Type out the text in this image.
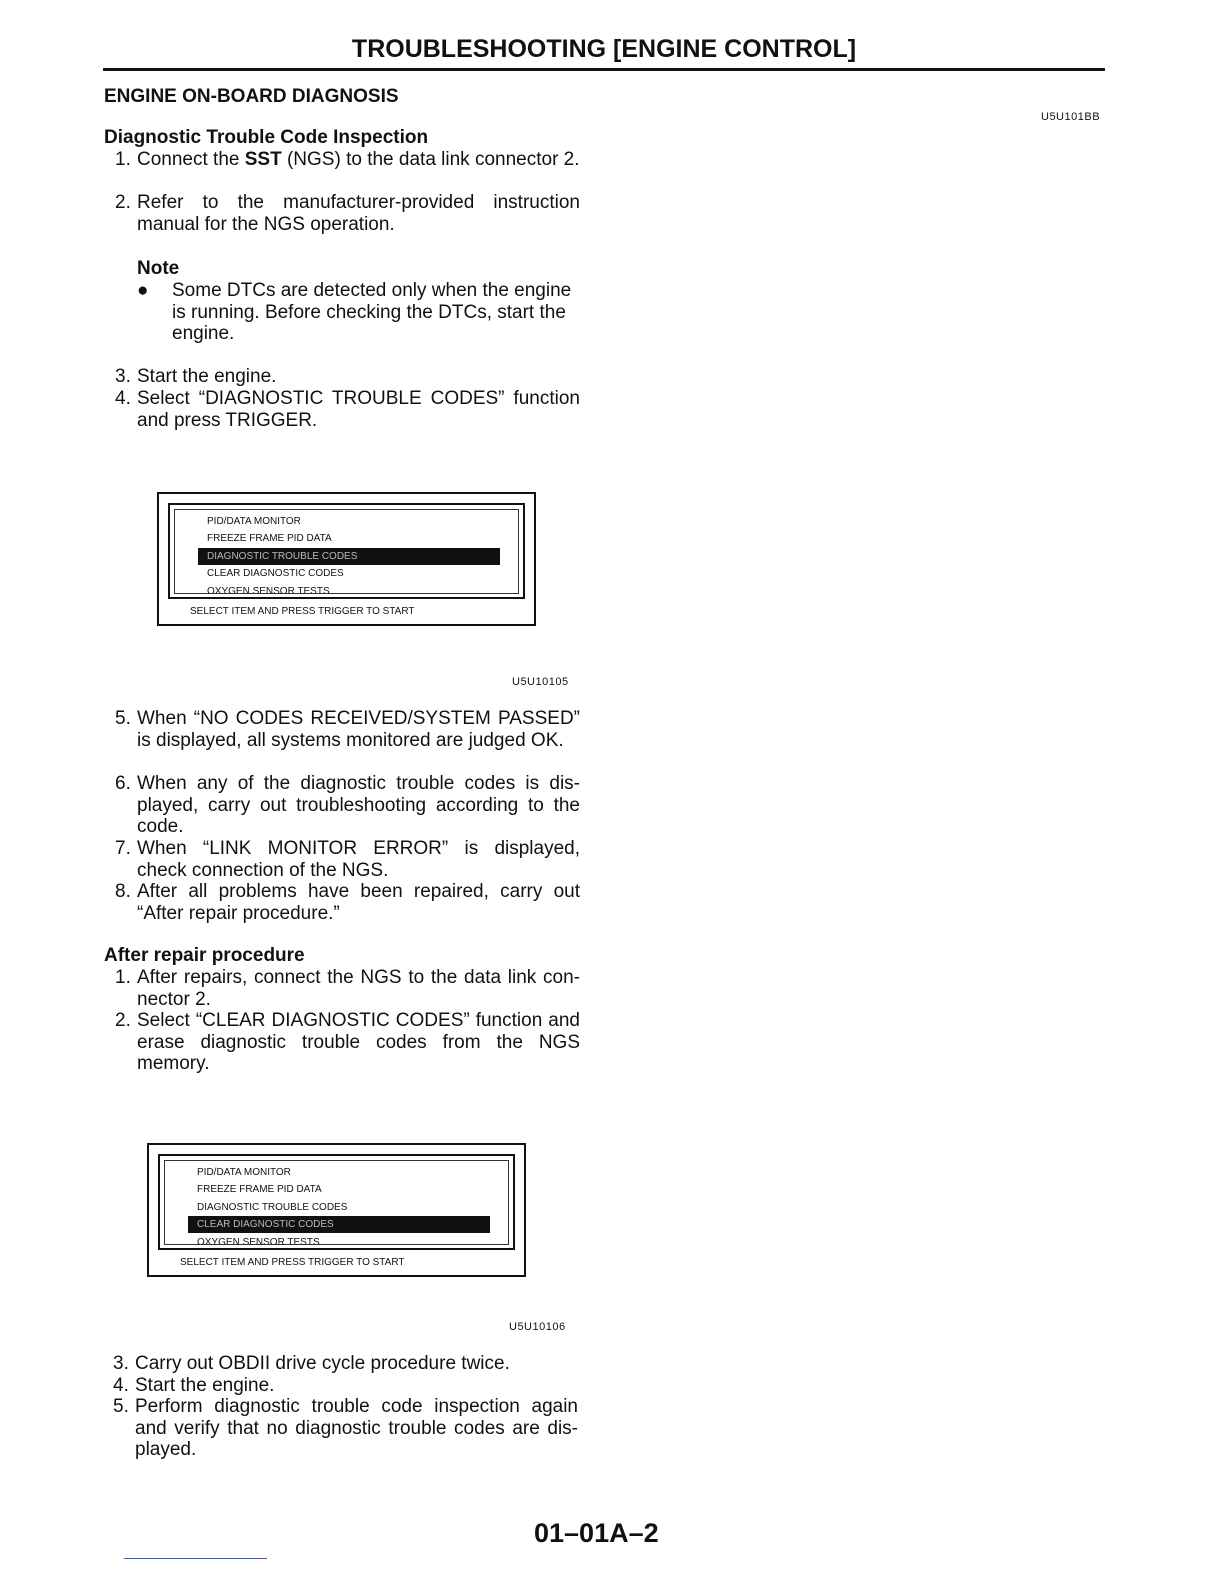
TROUBLESHOOTING [ENGINE CONTROL]
ENGINE ON-BOARD DIAGNOSIS
U5U101BB
Diagnostic Trouble Code Inspection
1. Connect the SST (NGS) to the data link connector 2.
2. Refer to the manufacturer-provided instruction manual for the NGS operation.
Note
● Some DTCs are detected only when the engine is running. Before checking the DTCs, start the engine.
3. Start the engine.
4. Select “DIAGNOSTIC TROUBLE CODES” function and press TRIGGER.
PID/DATA MONITOR
FREEZE FRAME PID DATA
DIAGNOSTIC TROUBLE CODES
CLEAR DIAGNOSTIC CODES
OXYGEN SENSOR TESTS
SELECT ITEM AND PRESS TRIGGER TO START
U5U10105
5. When “NO CODES RECEIVED/SYSTEM PASSED” is displayed, all systems monitored are judged OK.
6. When any of the diagnostic trouble codes is dis-played, carry out troubleshooting according to the code.
7. When “LINK MONITOR ERROR” is displayed, check connection of the NGS.
8. After all problems have been repaired, carry out “After repair procedure.”
After repair procedure
1. After repairs, connect the NGS to the data link con-nector 2.
2. Select “CLEAR DIAGNOSTIC CODES” function and erase diagnostic trouble codes from the NGS memory.
PID/DATA MONITOR
FREEZE FRAME PID DATA
DIAGNOSTIC TROUBLE CODES
CLEAR DIAGNOSTIC CODES
OXYGEN SENSOR TESTS
SELECT ITEM AND PRESS TRIGGER TO START
U5U10106
3. Carry out OBDII drive cycle procedure twice.
4. Start the engine.
5. Perform diagnostic trouble code inspection again and verify that no diagnostic trouble codes are dis-played.
01–01A–2
